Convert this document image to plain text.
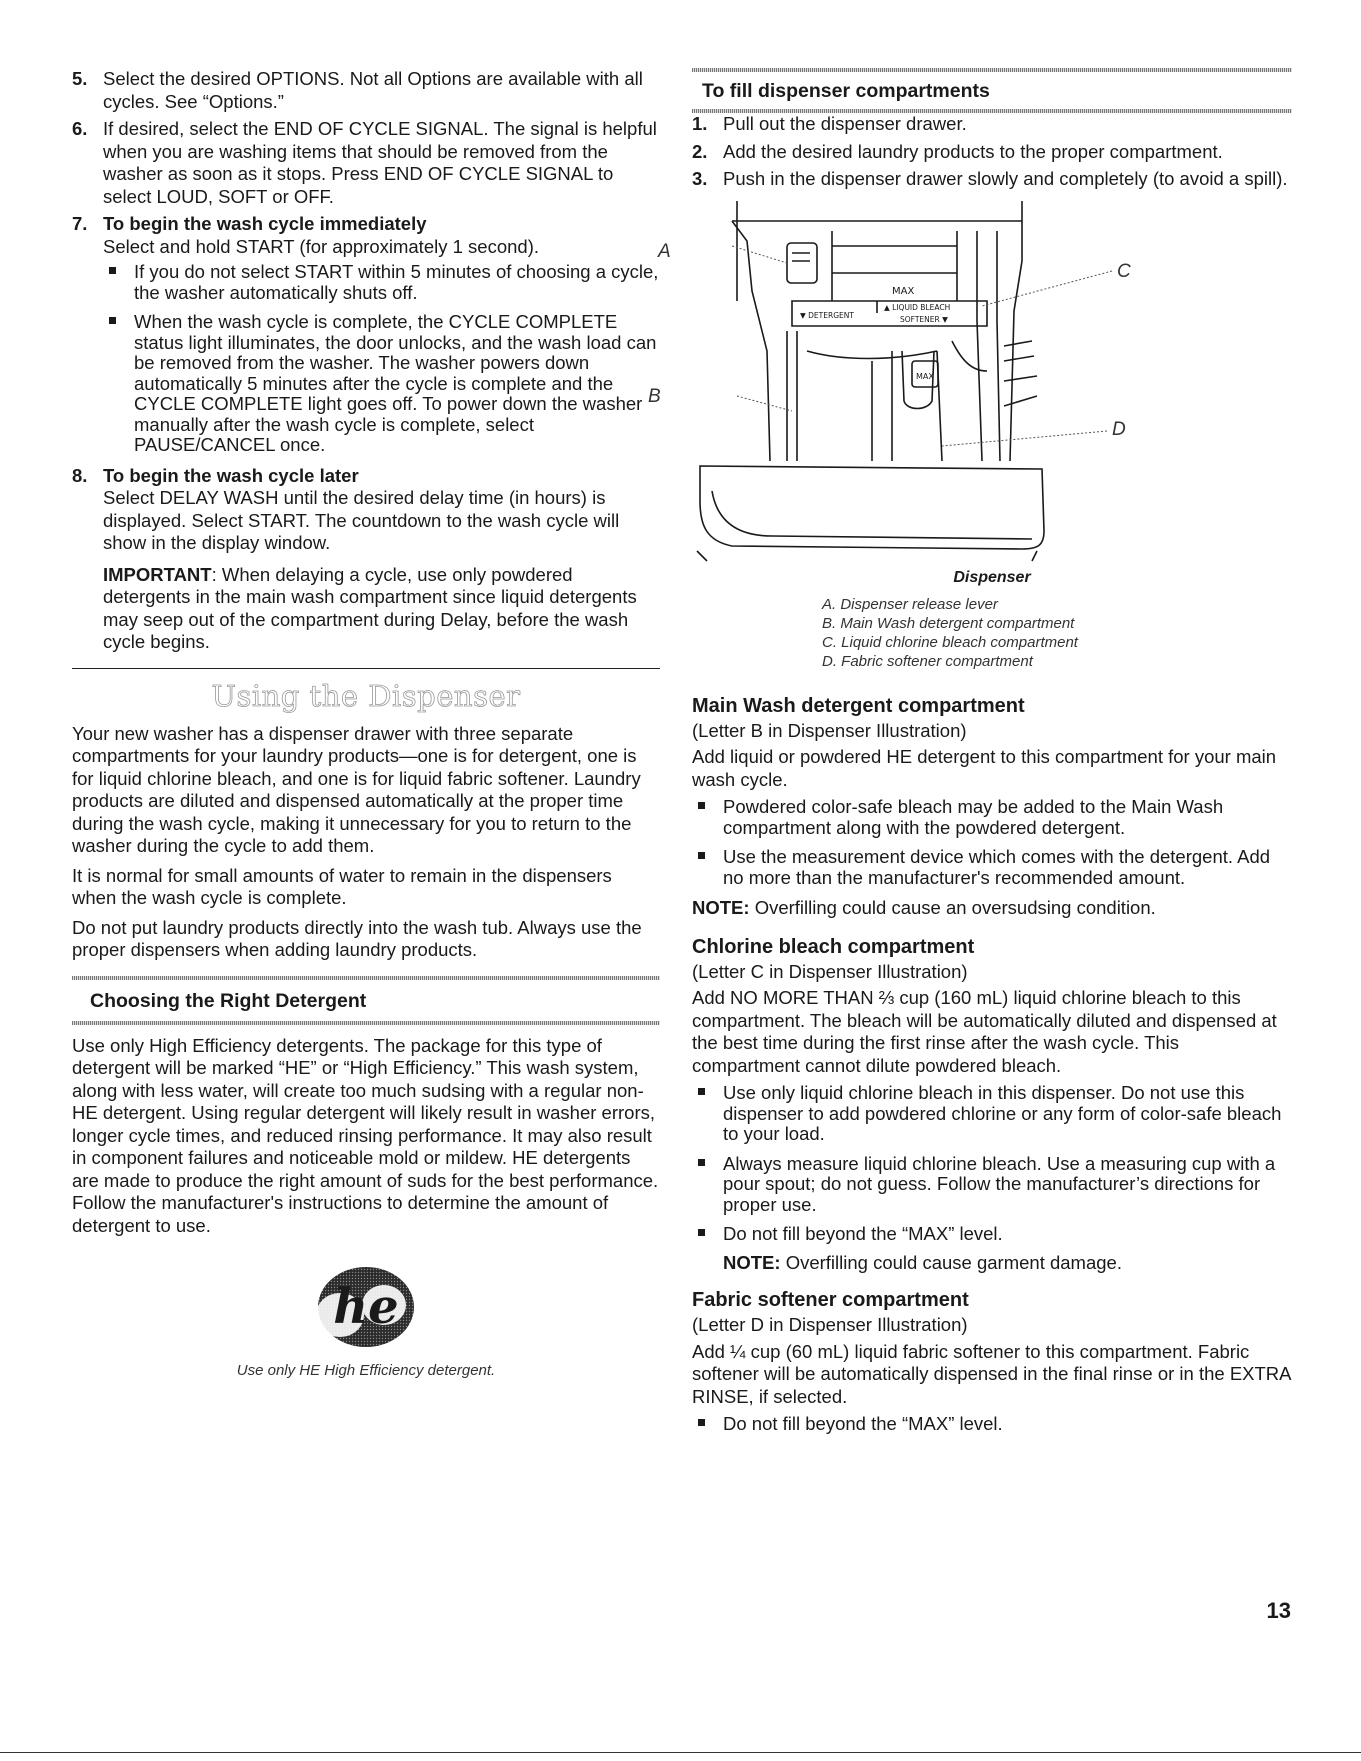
5. Select the desired OPTIONS. Not all Options are available with all cycles. See “Options.”
6. If desired, select the END OF CYCLE SIGNAL. The signal is helpful when you are washing items that should be removed from the washer as soon as it stops. Press END OF CYCLE SIGNAL to select LOUD, SOFT or OFF.
7. To begin the wash cycle immediately
Select and hold START (for approximately 1 second).
If you do not select START within 5 minutes of choosing a cycle, the washer automatically shuts off.
When the wash cycle is complete, the CYCLE COMPLETE status light illuminates, the door unlocks, and the wash load can be removed from the washer. The washer powers down automatically 5 minutes after the cycle is complete and the CYCLE COMPLETE light goes off. To power down the washer manually after the wash cycle is complete, select PAUSE/CANCEL once.
8. To begin the wash cycle later
Select DELAY WASH until the desired delay time (in hours) is displayed. Select START. The countdown to the wash cycle will show in the display window.
IMPORTANT: When delaying a cycle, use only powdered detergents in the main wash compartment since liquid detergents may seep out of the compartment during Delay, before the wash cycle begins.
Using the Dispenser

Your new washer has a dispenser drawer with three separate compartments for your laundry products—one is for detergent, one is for liquid chlorine bleach, and one is for liquid fabric softener. Laundry products are diluted and dispensed automatically at the proper time during the wash cycle, making it unnecessary for you to return to the washer during the cycle to add them.

It is normal for small amounts of water to remain in the dispensers when the wash cycle is complete.

Do not put laundry products directly into the wash tub. Always use the proper dispensers when adding laundry products.

Choosing the Right Detergent

Use only High Efficiency detergents. The package for this type of detergent will be marked “HE” or “High Efficiency.” This wash system, along with less water, will create too much sudsing with a regular non-HE detergent. Using regular detergent will likely result in washer errors, longer cycle times, and reduced rinsing performance. It may also result in component failures and noticeable mold or mildew. HE detergents are made to produce the right amount of suds for the best performance. Follow the manufacturer's instructions to determine the amount of detergent to use.

he
Use only HE High Efficiency detergent.
To fill dispenser compartments
1. Pull out the dispenser drawer.
2. Add the desired laundry products to the proper compartment.
3. Push in the dispenser drawer slowly and completely (to avoid a spill).
MAX
▼ DETERGENT
▲ LIQUID BLEACH
SOFTENER ▼
MAX
A
B
C
D
Dispenser
A. Dispenser release lever
B. Main Wash detergent compartment
C. Liquid chlorine bleach compartment
D. Fabric softener compartment
Main Wash detergent compartment

(Letter B in Dispenser Illustration)

Add liquid or powdered HE detergent to this compartment for your main wash cycle.

Powdered color-safe bleach may be added to the Main Wash compartment along with the powdered detergent.
Use the measurement device which comes with the detergent. Add no more than the manufacturer's recommended amount.

NOTE: Overfilling could cause an oversudsing condition.

Chlorine bleach compartment

(Letter C in Dispenser Illustration)

Add NO MORE THAN ⅔ cup (160 mL) liquid chlorine bleach to this compartment. The bleach will be automatically diluted and dispensed at the best time during the first rinse after the wash cycle. This compartment cannot dilute powdered bleach.

Use only liquid chlorine bleach in this dispenser. Do not use this dispenser to add powdered chlorine or any form of color-safe bleach to your load.
Always measure liquid chlorine bleach. Use a measuring cup with a pour spout; do not guess. Follow the manufacturer’s directions for proper use.
Do not fill beyond the “MAX” level.
NOTE: Overfilling could cause garment damage.
Fabric softener compartment

(Letter D in Dispenser Illustration)

Add ¼ cup (60 mL) liquid fabric softener to this compartment. Fabric softener will be automatically dispensed in the final rinse or in the EXTRA RINSE, if selected.

Do not fill beyond the “MAX” level.
13
